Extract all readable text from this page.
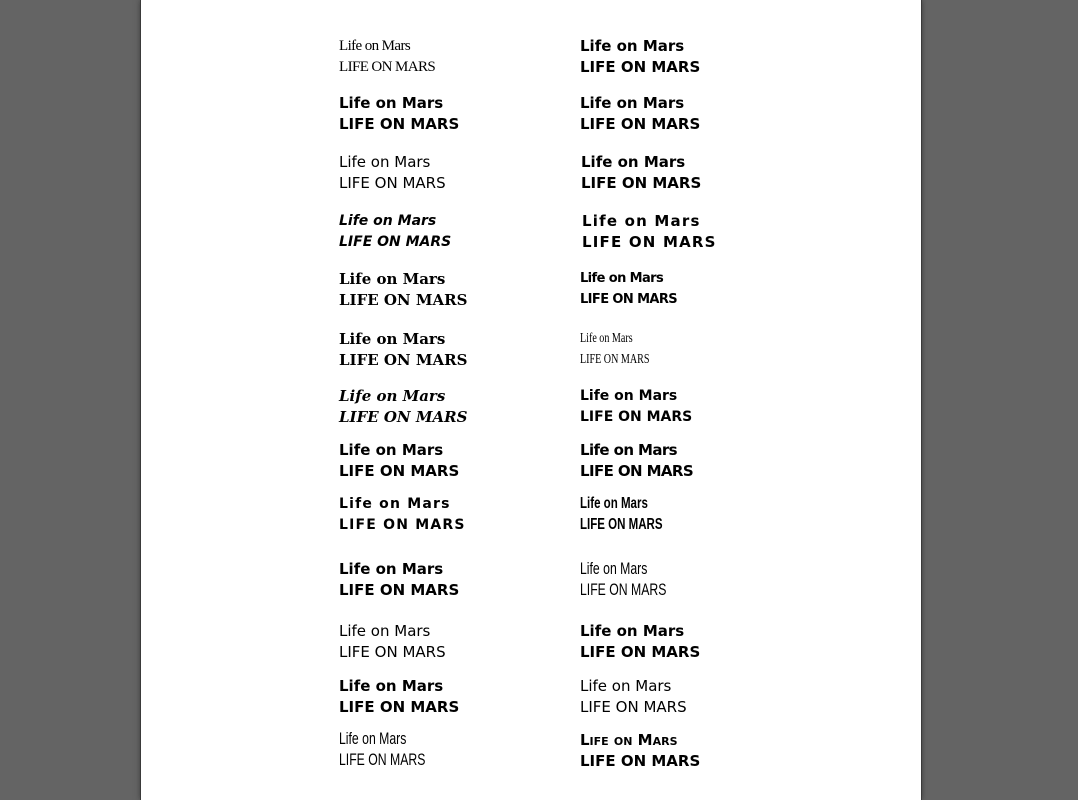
Life on Mars
LIFE ON MARS
Life on Mars
LIFE ON MARS
Life on Mars
LIFE ON MARS
Life on Mars
LIFE ON MARS
Life on Mars
LIFE ON MARS
Life on Mars
LIFE ON MARS
Life on Mars
LIFE ON MARS
Life on Mars
LIFE ON MARS
Life on Mars
LIFE ON MARS
Life on Mars
LIFE ON MARS
Life on Mars
LIFE ON MARS
Life on Mars
LIFE ON MARS
Life on Mars
LIFE ON MARS
Life on Mars
LIFE ON MARS
Life on Mars
LIFE ON MARS
Life on Mars
LIFE ON MARS
Life on Mars
LIFE ON MARS
Life on Mars
LIFE ON MARS
Life on Mars
LIFE ON MARS
Life on Mars
LIFE ON MARS
Life on Mars
LIFE ON MARS
Life on Mars
LIFE ON MARS
Life on Mars
LIFE ON MARS
Life on Mars
LIFE ON MARS
Life on Mars
LIFE ON MARS
Life on Mars
LIFE ON MARS
